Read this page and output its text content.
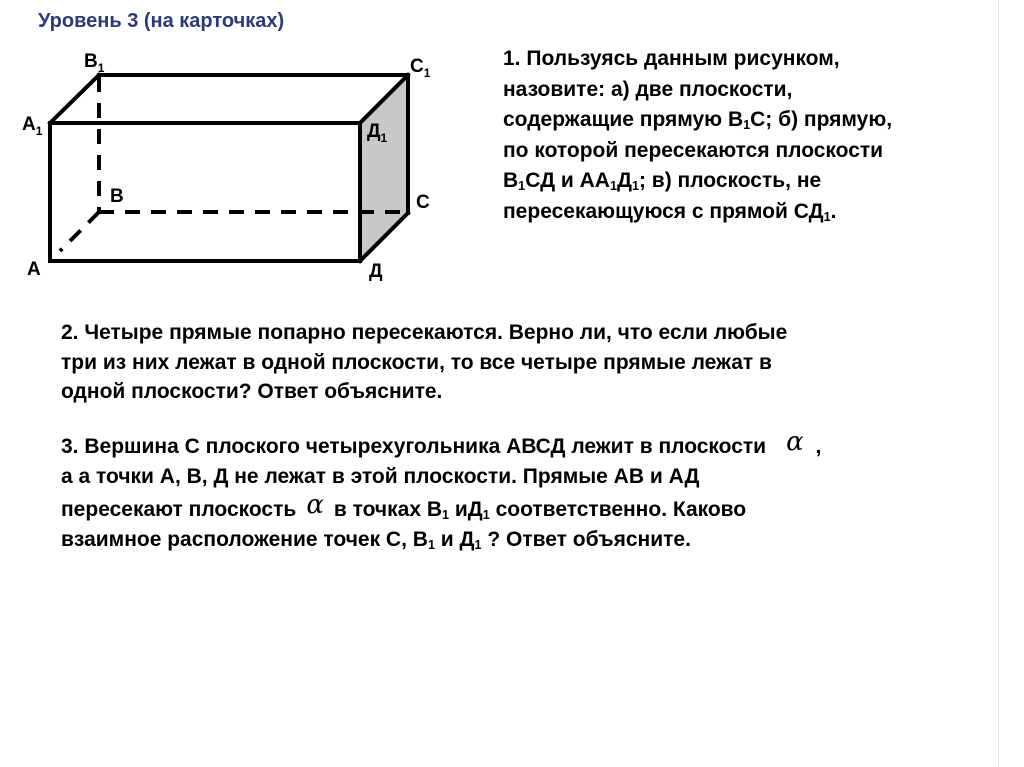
Уровень 3 (на карточках)
$B_1$	$C_1$
$A_1$	$Д_1$
B	C
A	Д
1. Пользуясь данным рисунком,
назовите: а) две плоскости,
содержащие прямую $B_1C$; б) прямую,
по которой пересекаются плоскости
$B_1СД$ и $АА_1Д_1$; в) плоскость, не
пересекающуюся с прямой $СД_1$.
2. Четыре прямые попарно пересекаются. Верно ли, что если любые
три из них лежат в одной плоскости, то все четыре прямые лежат в
одной плоскости? Ответ объясните.
3. Вершина С плоского четырехугольника АВСД лежит в плоскости α ,
а а точки А, В, Д не лежат в этой плоскости. Прямые АВ и АД
пересекают плоскость α в точках $В_1$ $иД_1$ соответственно. Каково
взаимное расположение точек С, $В_1$ и $Д_1$ ? Ответ объясните.
